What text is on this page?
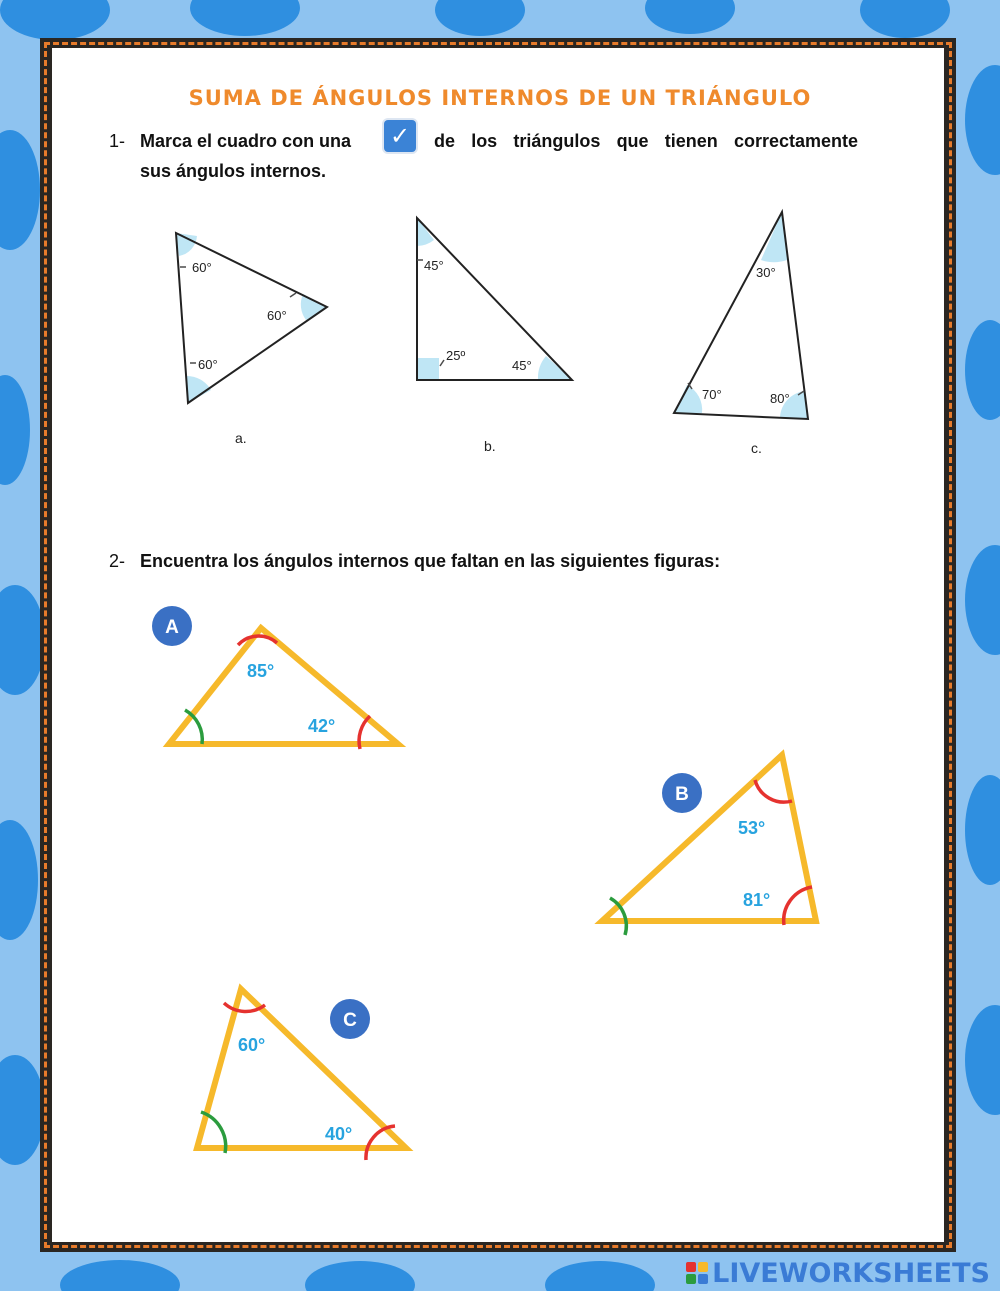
SUMA DE ÁNGULOS INTERNOS DE UN TRIÁNGULO
1- Marca el cuadro con una ✓	de los triángulos que tienen correctamente
sus ángulos internos.
60°
60°
60°
a.
45°
25º
45°
b.
30°
70°	80°
c.
2- Encuentra los ángulos internos que faltan en las siguientes figuras:
A
85°
42°
B
53°
81°
C
60°
40°
LIVEWORKSHEETS
